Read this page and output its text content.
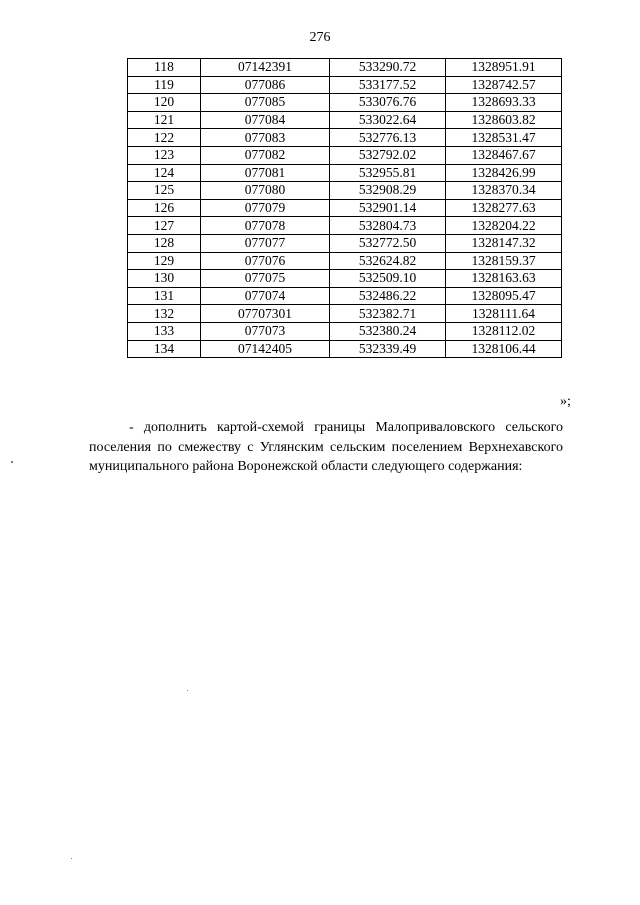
276
118	07142391	533290.72	1328951.91
119	077086	533177.52	1328742.57
120	077085	533076.76	1328693.33
121	077084	533022.64	1328603.82
122	077083	532776.13	1328531.47
123	077082	532792.02	1328467.67
124	077081	532955.81	1328426.99
125	077080	532908.29	1328370.34
126	077079	532901.14	1328277.63
127	077078	532804.73	1328204.22
128	077077	532772.50	1328147.32
129	077076	532624.82	1328159.37
130	077075	532509.10	1328163.63
131	077074	532486.22	1328095.47
132	07707301	532382.71	1328111.64
133	077073	532380.24	1328112.02
134	07142405	532339.49	1328106.44
»;

- дополнить картой-схемой границы Малоприваловского сельского поселения по смежеству с Углянским сельским поселением Верхнехавского муниципального района Воронежской области следующего содержания:
